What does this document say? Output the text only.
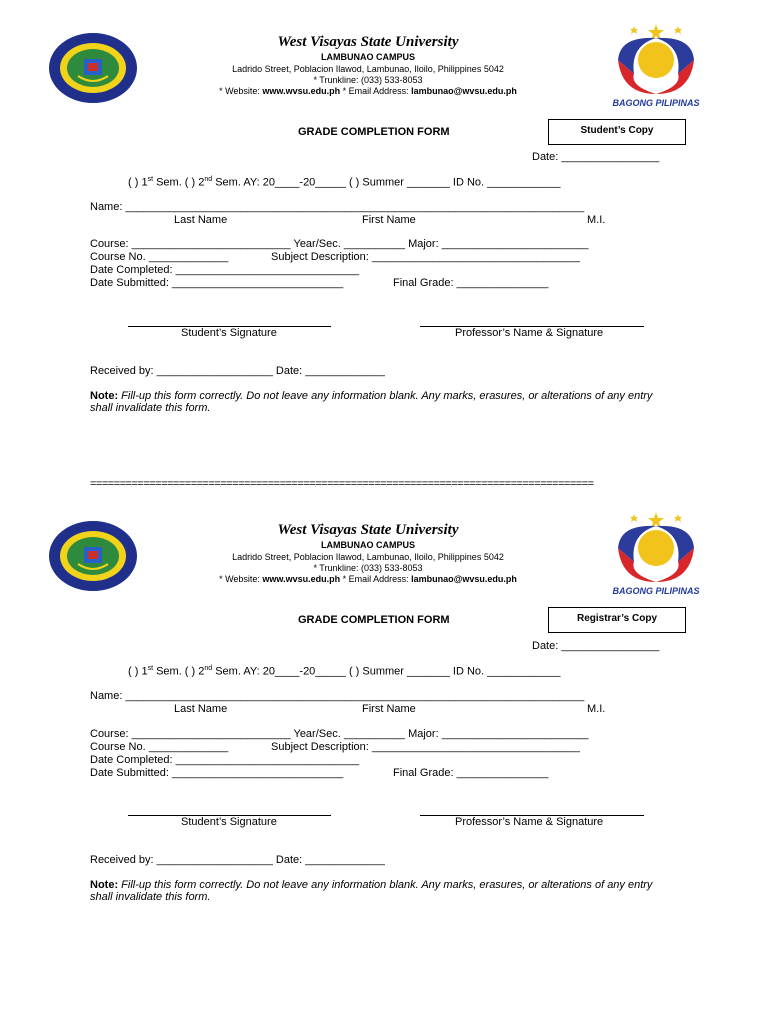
West Visayas State University
LAMBUNAO CAMPUS
Ladrido Street, Poblacion Ilawod, Lambunao, Iloilo, Philippines 5042
* Trunkline: (033) 533-8053
* Website: www.wvsu.edu.ph * Email Address: lambunao@wvsu.edu.ph
BAGONG PILIPINAS
GRADE COMPLETION FORM	Student’s Copy
Date: ________________
( ) 1st Sem. ( ) 2nd Sem. AY: 20____-20_____ ( ) Summer _______ ID No. ____________
Name: ___________________________________________________________________________
Last Name	First Name	M.I.
Course: __________________________ Year/Sec. __________ Major: ________________________
Course No. _____________	Subject Description: __________________________________
Date Completed: ______________________________
Date Submitted: ____________________________	Final Grade: _______________
Student’s Signature	Professor’s Name & Signature
Received by: ___________________ Date: _____________
Note: Fill-up this form correctly. Do not leave any information blank. Any marks, erasures, or alterations of any entry shall invalidate this form.
=====================================================================================
West Visayas State University
LAMBUNAO CAMPUS
Ladrido Street, Poblacion Ilawod, Lambunao, Iloilo, Philippines 5042
* Trunkline: (033) 533-8053
* Website: www.wvsu.edu.ph * Email Address: lambunao@wvsu.edu.ph
BAGONG PILIPINAS
GRADE COMPLETION FORM	Registrar’s Copy
Date: ________________
( ) 1st Sem. ( ) 2nd Sem. AY: 20____-20_____ ( ) Summer _______ ID No. ____________
Name: ___________________________________________________________________________
Last Name	First Name	M.I.
Course: __________________________ Year/Sec. __________ Major: ________________________
Course No. _____________	Subject Description: __________________________________
Date Completed: ______________________________
Date Submitted: ____________________________	Final Grade: _______________
Student’s Signature	Professor’s Name & Signature
Received by: ___________________ Date: _____________
Note: Fill-up this form correctly. Do not leave any information blank. Any marks, erasures, or alterations of any entry shall invalidate this form.
